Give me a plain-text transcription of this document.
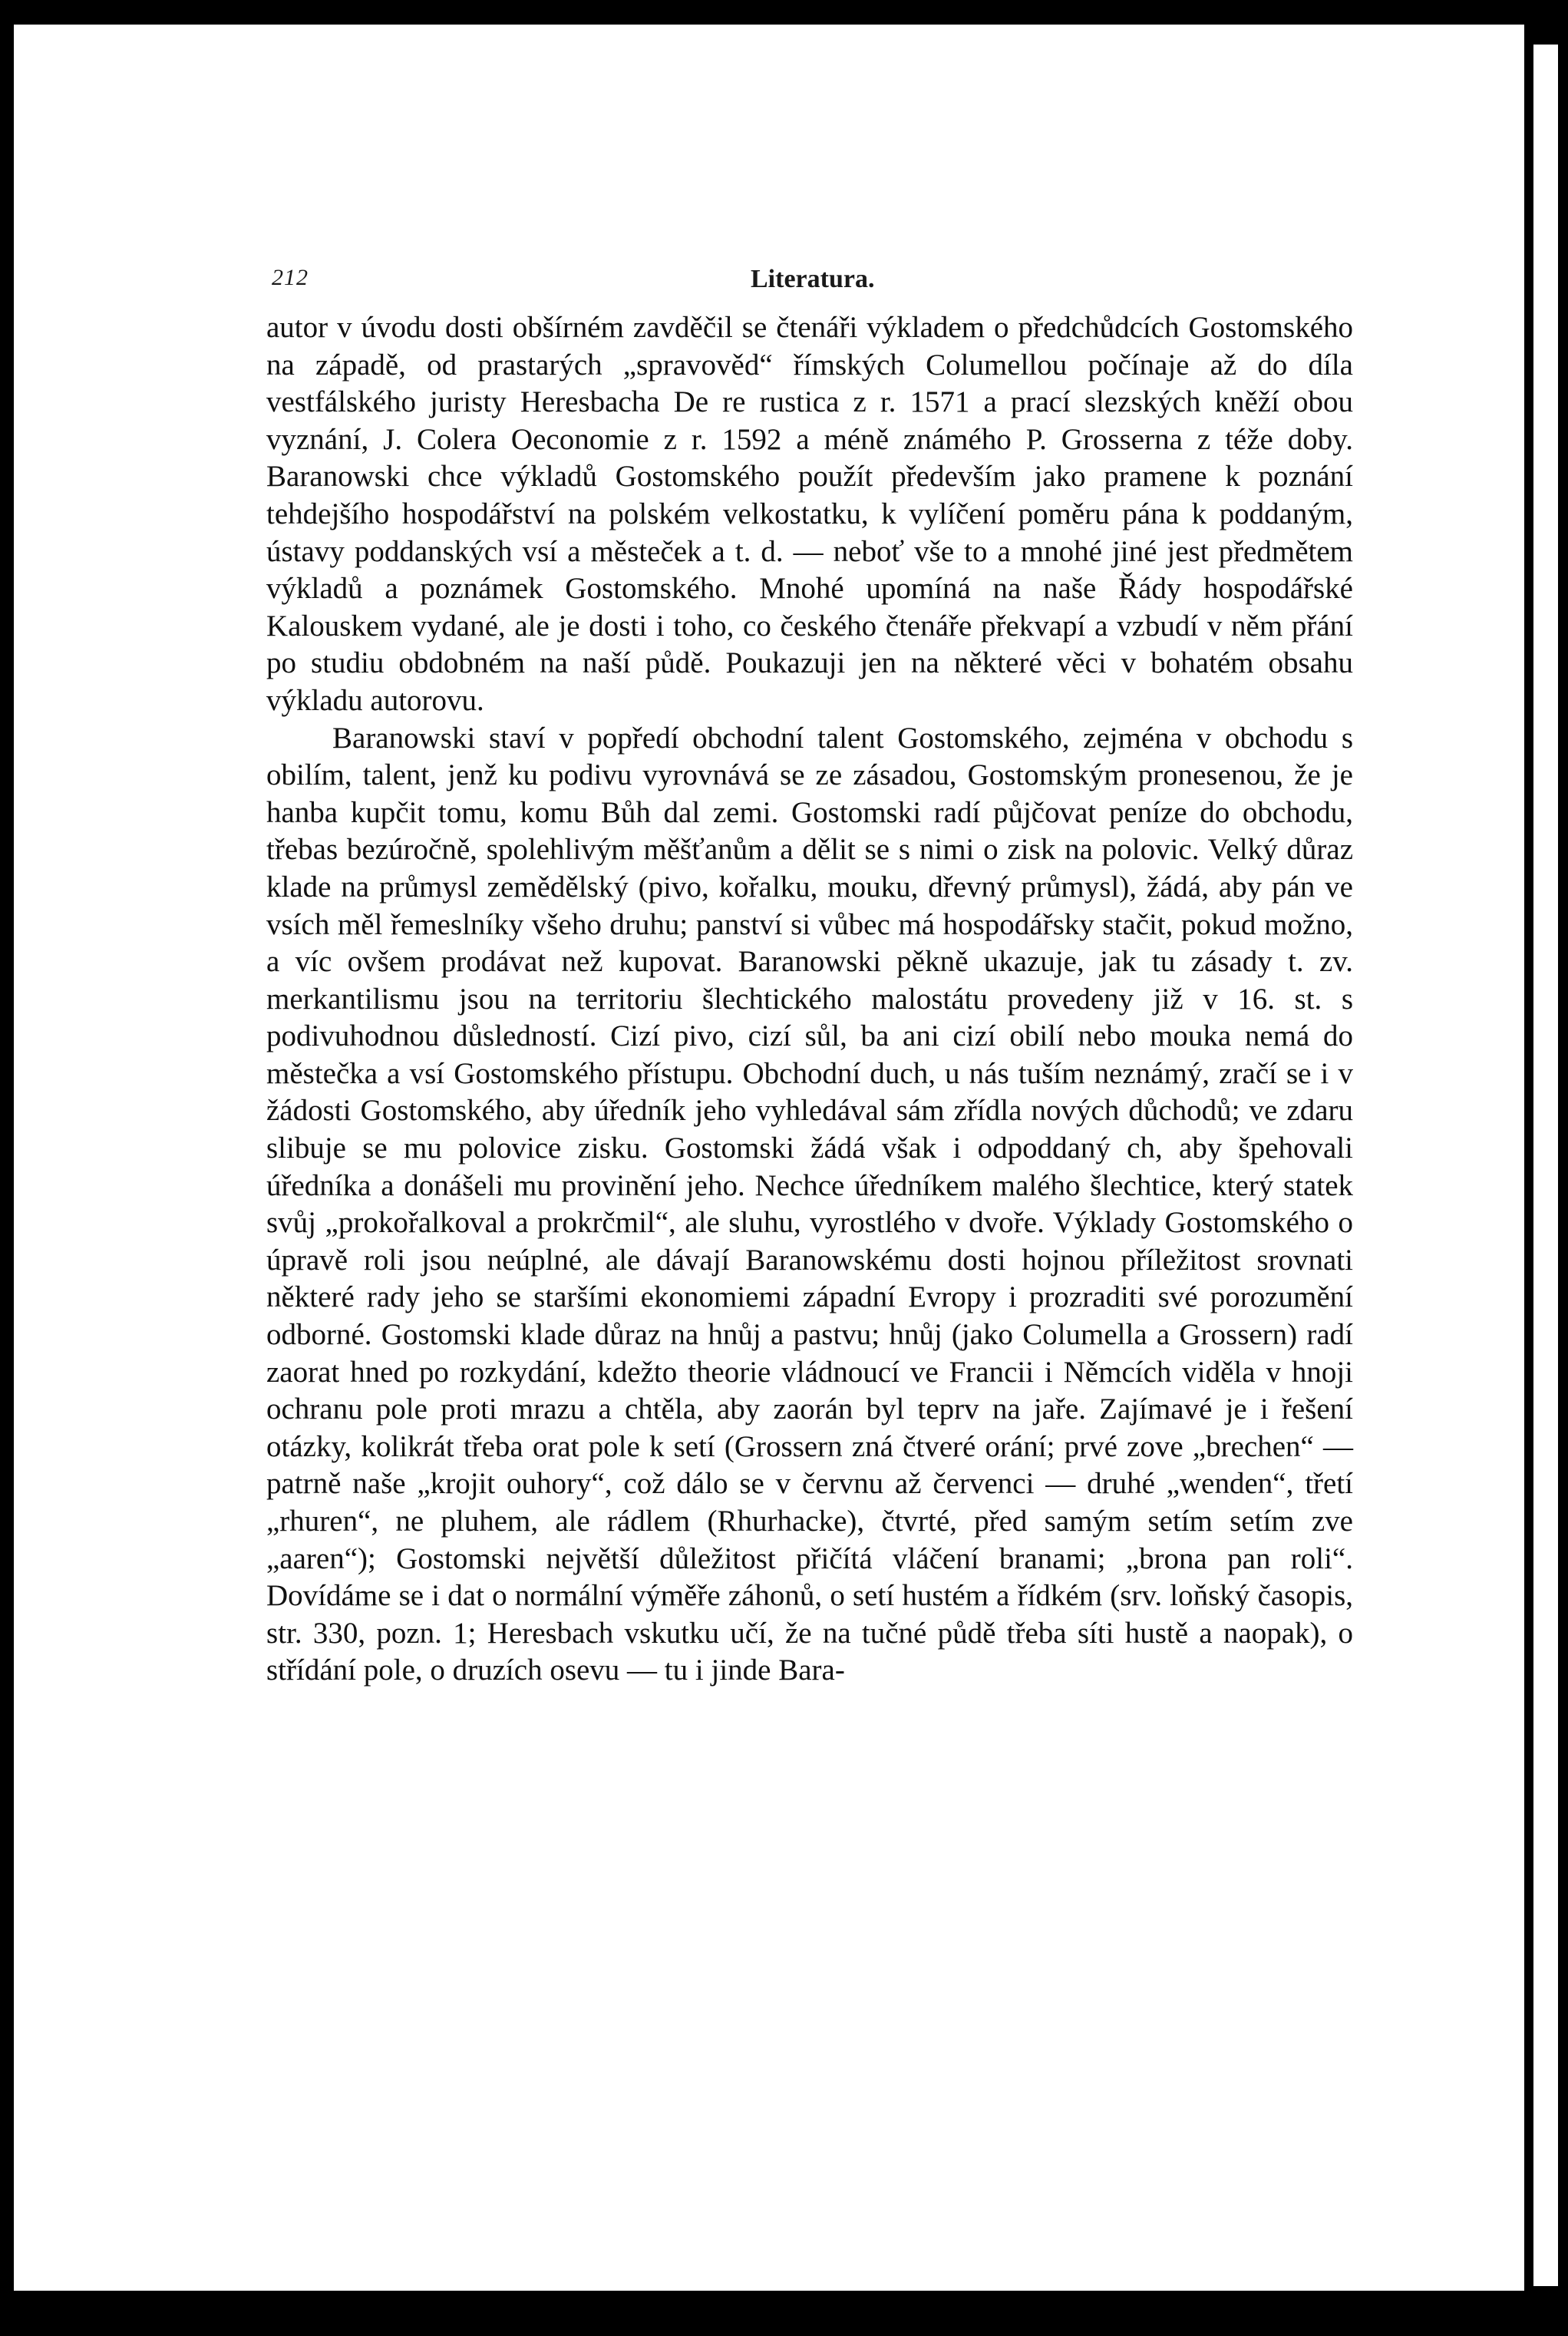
212	Literatura.

autor v úvodu dosti obšírném zavděčil se čtenáři výkladem o předchůdcích Gostomského na západě, od prastarých „spravověd“ římských Columellou počínaje až do díla vestfálského juristy Heresbacha De re rustica z r. 1571 a prací slezských kněží obou vyznání, J. Colera Oeconomie z r. 1592 a méně známého P. Grosserna z téže doby. Baranowski chce výkladů Gostomského použít především jako pramene k poznání tehdejšího hospodářství na polském velkostatku, k vylíčení poměru pána k poddaným, ústavy poddanských vsí a městeček a t. d. — neboť vše to a mnohé jiné jest předmětem výkladů a poznámek Gostomského. Mnohé upomíná na naše Řády hospodářské Kalouskem vydané, ale je dosti i toho, co českého čtenáře překvapí a vzbudí v něm přání po studiu obdobném na naší půdě. Poukazuji jen na některé věci v bohatém obsahu výkladu autorovu.

Baranowski staví v popředí obchodní talent Gostomského, zejména v obchodu s obilím, talent, jenž ku podivu vyrovnává se ze zásadou, Gostomským pronesenou, že je hanba kupčit tomu, komu Bůh dal zemi. Gostomski radí půjčovat peníze do obchodu, třebas bezúročně, spolehlivým měšťanům a dělit se s nimi o zisk na polovic. Velký důraz klade na průmysl zemědělský (pivo, kořalku, mouku, dřevný průmysl), žádá, aby pán ve vsích měl řemeslníky všeho druhu; panství si vůbec má hospodářsky stačit, pokud možno, a víc ovšem prodávat než kupovat. Baranowski pěkně ukazuje, jak tu zásady t. zv. merkantilismu jsou na territoriu šlechtického malostátu provedeny již v 16. st. s podivuhodnou důsledností. Cizí pivo, cizí sůl, ba ani cizí obilí nebo mouka nemá do městečka a vsí Gostomského přístupu. Obchodní duch, u nás tuším neznámý, zračí se i v žádosti Gostomského, aby úředník jeho vyhledával sám zřídla nových důchodů; ve zdaru slibuje se mu polovice zisku. Gostomski žádá však i odpoddaný ch, aby špehovali úředníka a donášeli mu provinění jeho. Nechce úředníkem malého šlechtice, který statek svůj „prokořalkoval a prokrčmil“, ale sluhu, vyrostlého v dvoře. Výklady Gostomského o úpravě roli jsou neúplné, ale dávají Baranowskému dosti hojnou příležitost srovnati některé rady jeho se staršími ekonomiemi západní Evropy i prozraditi své porozumění odborné. Gostomski klade důraz na hnůj a pastvu; hnůj (jako Columella a Grossern) radí zaorat hned po rozkydání, kdežto theorie vládnoucí ve Francii i Němcích viděla v hnoji ochranu pole proti mrazu a chtěla, aby zaorán byl teprv na jaře. Zajímavé je i řešení otázky, kolikrát třeba orat pole k setí (Grossern zná čtveré orání; prvé zove „brechen“ — patrně naše „krojit ouhory“, což dálo se v červnu až červenci — druhé „wenden“, třetí „rhuren“, ne pluhem, ale rádlem (Rhurhacke), čtvrté, před samým setím setím zve „aaren“); Gostomski největší důležitost přičítá vláčení branami; „brona pan roli“. Dovídáme se i dat o normální výměře záhonů, o setí hustém a řídkém (srv. loňský časopis, str. 330, pozn. 1; Heresbach vskutku učí, že na tučné půdě třeba síti hustě a naopak), o střídání pole, o druzích osevu — tu i jinde Bara-
